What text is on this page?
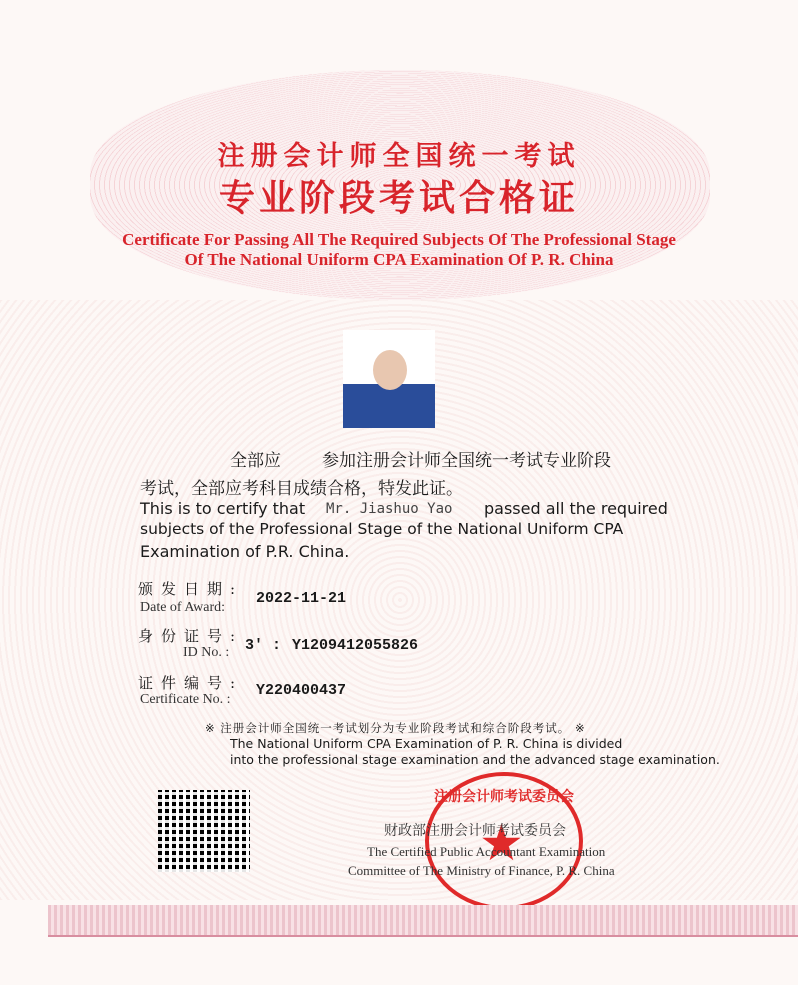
注册会计师全国统一考试
专业阶段考试合格证
Certificate For Passing All The Required Subjects Of The Professional Stage
Of The National Uniform CPA Examination Of P. R. China
全部应 参加注册会计师全国统一考试专业阶段
考试，全部应考科目成绩合格，特发此证。
This is to certify that Mr. Jiashuo Yao passed all the required
subjects of the Professional Stage of the National Uniform CPA
Examination of P.R. China.
颁发日期:
Date of Award:
2022-11-21
身份证号:
ID No. : 3' : Y1209412055826
证件编号:
Certificate No. :
Y220400437
※ 注册会计师全国统一考试划分为专业阶段考试和综合阶段考试。 ※
The National Uniform CPA Examination of P. R. China is divided
into the professional stage examination and the advanced stage examination.
注册会计师考试委员会
★
财政部注册会计师考试委员会
The Certified Public Accountant Examination
Committee of The Ministry of Finance, P. R. China
